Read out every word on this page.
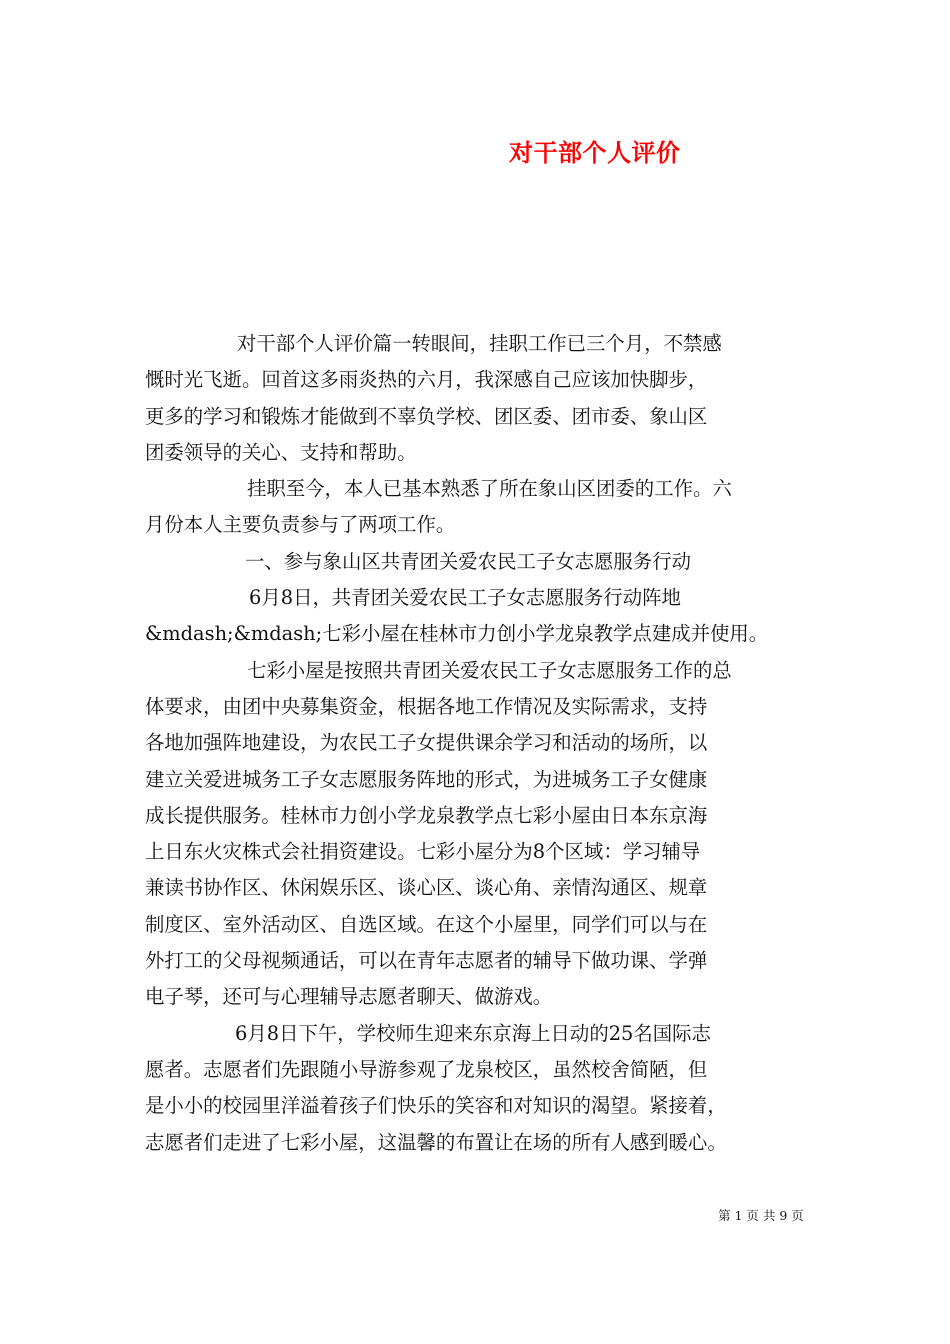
对干部个人评价

对干部个人评价篇一转眼间，挂职工作已三个月，不禁感
慨时光飞逝。回首这多雨炎热的六月，我深感自己应该加快脚步，
更多的学习和锻炼才能做到不辜负学校、团区委、团市委、象山区
团委领导的关心、支持和帮助。

挂职至今，本人已基本熟悉了所在象山区团委的工作。六
月份本人主要负责参与了两项工作。

一、参与象山区共青团关爱农民工子女志愿服务行动

6月8日，共青团关爱农民工子女志愿服务行动阵地
&mdash;&mdash;七彩小屋在桂林市力创小学龙泉教学点建成并使用。

七彩小屋是按照共青团关爱农民工子女志愿服务工作的总
体要求，由团中央募集资金，根据各地工作情况及实际需求，支持
各地加强阵地建设，为农民工子女提供课余学习和活动的场所，以
建立关爱进城务工子女志愿服务阵地的形式，为进城务工子女健康
成长提供服务。桂林市力创小学龙泉教学点七彩小屋由日本东京海
上日东火灾株式会社捐资建设。七彩小屋分为8个区域：学习辅导
兼读书协作区、休闲娱乐区、谈心区、谈心角、亲情沟通区、规章
制度区、室外活动区、自选区域。在这个小屋里，同学们可以与在
外打工的父母视频通话，可以在青年志愿者的辅导下做功课、学弹
电子琴，还可与心理辅导志愿者聊天、做游戏。

6月8日下午，学校师生迎来东京海上日动的25名国际志
愿者。志愿者们先跟随小导游参观了龙泉校区，虽然校舍简陋，但
是小小的校园里洋溢着孩子们快乐的笑容和对知识的渴望。紧接着，
志愿者们走进了七彩小屋，这温馨的布置让在场的所有人感到暖心。

第 1 页 共 9 页
